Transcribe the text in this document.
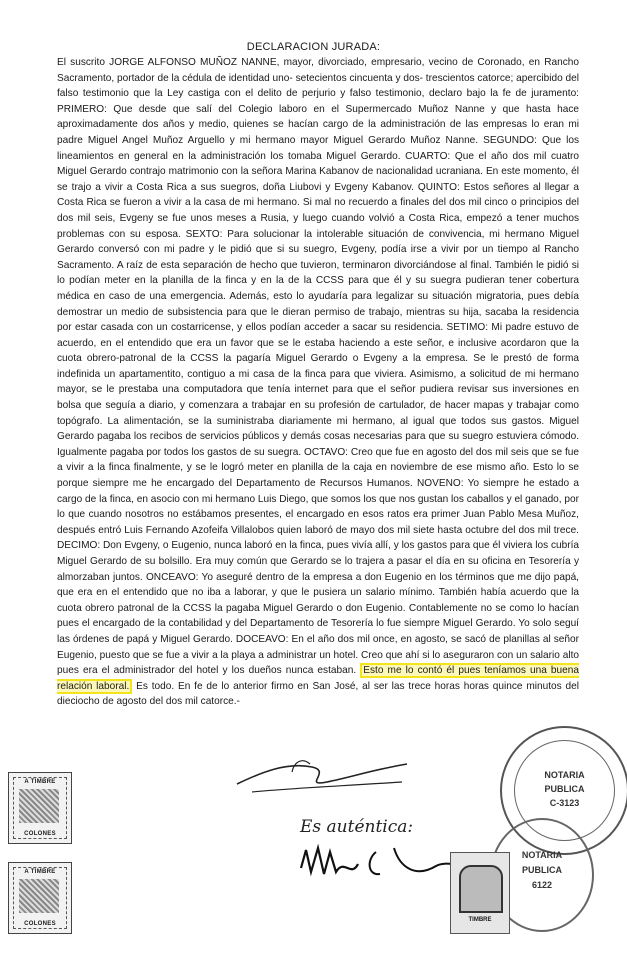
DECLARACION JURADA:
El suscrito JORGE ALFONSO MUÑOZ NANNE, mayor, divorciado, empresario, vecino de Coronado, en Rancho Sacramento, portador de la cédula de identidad uno- setecientos cincuenta y dos- trescientos catorce; apercibido del falso testimonio que la Ley castiga con el delito de perjurio y falso testimonio, declaro bajo la fe de juramento: PRIMERO: Que desde que salí del Colegio laboro en el Supermercado Muñoz Nanne y que hasta hace aproximadamente dos años y medio, quienes se hacían cargo de la administración de las empresas lo eran mi padre Miguel Angel Muñoz Arguello y mi hermano mayor Miguel Gerardo Muñoz Nanne. SEGUNDO: Que los lineamientos en general en la administración los tomaba Miguel Gerardo. CUARTO: Que el año dos mil cuatro Miguel Gerardo contrajo matrimonio con la señora Marina Kabanov de nacionalidad ucraniana. En este momento, él se trajo a vivir a Costa Rica a sus suegros, doña Liubovi y Evgeny Kabanov. QUINTO: Estos señores al llegar a Costa Rica se fueron a vivir a la casa de mi hermano. Si mal no recuerdo a finales del dos mil cinco o principios del dos mil seis, Evgeny se fue unos meses a Rusia, y luego cuando volvió a Costa Rica, empezó a tener muchos problemas con su esposa. SEXTO: Para solucionar la intolerable situación de convivencia, mi hermano Miguel Gerardo conversó con mi padre y le pidió que si su suegro, Evgeny, podía irse a vivir por un tiempo al Rancho Sacramento. A raíz de esta separación de hecho que tuvieron, terminaron divorciándose al final. También le pidió si lo podían meter en la planilla de la finca y en la de la CCSS para que él y su suegra pudieran tener cobertura médica en caso de una emergencia. Además, esto lo ayudaría para legalizar su situación migratoria, pues debía demostrar un medio de subsistencia para que le dieran permiso de trabajo, mientras su hija, sacaba la residencia por estar casada con un costarricense, y ellos podían acceder a sacar su residencia. SETIMO: Mi padre estuvo de acuerdo, en el entendido que era un favor que se le estaba haciendo a este señor, e inclusive acordaron que la cuota obrero-patronal de la CCSS la pagaría Miguel Gerardo o Evgeny a la empresa. Se le prestó de forma indefinida un apartamentito, contiguo a mi casa de la finca para que viviera. Asimismo, a solicitud de mi hermano mayor, se le prestaba una computadora que tenía internet para que el señor pudiera revisar sus inversiones en bolsa que seguía a diario, y comenzara a trabajar en su profesión de cartulador, de hacer mapas y trabajar como topógrafo. La alimentación, se la suministraba diariamente mi hermano, al igual que todos sus gastos. Miguel Gerardo pagaba los recibos de servicios públicos y demás cosas necesarias para que su suegro estuviera cómodo. Igualmente pagaba por todos los gastos de su suegra. OCTAVO: Creo que fue en agosto del dos mil seis que se fue a vivir a la finca finalmente, y se le logró meter en planilla de la caja en noviembre de ese mismo año. Esto lo se porque siempre me he encargado del Departamento de Recursos Humanos. NOVENO: Yo siempre he estado a cargo de la finca, en asocio con mi hermano Luis Diego, que somos los que nos gustan los caballos y el ganado, por lo que cuando nosotros no estábamos presentes, el encargado en esos ratos era primer Juan Pablo Mesa Muñoz, después entró Luis Fernando Azofeifa Villalobos quien laboró de mayo dos mil siete hasta octubre del dos mil trece. DECIMO: Don Evgeny, o Eugenio, nunca laboró en la finca, pues vivía allí, y los gastos para que él viviera los cubría Miguel Gerardo de su bolsillo. Era muy común que Gerardo se lo trajera a pasar el día en su oficina en Tesorería y almorzaban juntos. ONCEAVO: Yo aseguré dentro de la empresa a don Eugenio en los términos que me dijo papá, que era en el entendido que no iba a laborar, y que le pusiera un salario mínimo. También había acuerdo que la cuota obrero patronal de la CCSS la pagaba Miguel Gerardo o don Eugenio. Contablemente no se como lo hacían pues el encargado de la contabilidad y del Departamento de Tesorería lo fue siempre Miguel Gerardo. Yo solo seguí las órdenes de papá y Miguel Gerardo. DOCEAVO: En el año dos mil once, en agosto, se sacó de planillas al señor Eugenio, puesto que se fue a vivir a la playa a administrar un hotel. Creo que ahí si lo aseguraron con un salario alto pues era el administrador del hotel y los dueños nunca estaban. Esto me lo contó él pues teníamos una buena relación laboral. Es todo. En fe de lo anterior firmo en San José, al ser las trece horas horas quince minutos del dieciocho de agosto del dos mil catorce.-
Es auténtica:
A TIMBRE
COLONES
A TIMBRE
COLONES
NOTARIA
PUBLICA
C-3123
NOTARIA
PUBLICA
6122
TIMBRE
